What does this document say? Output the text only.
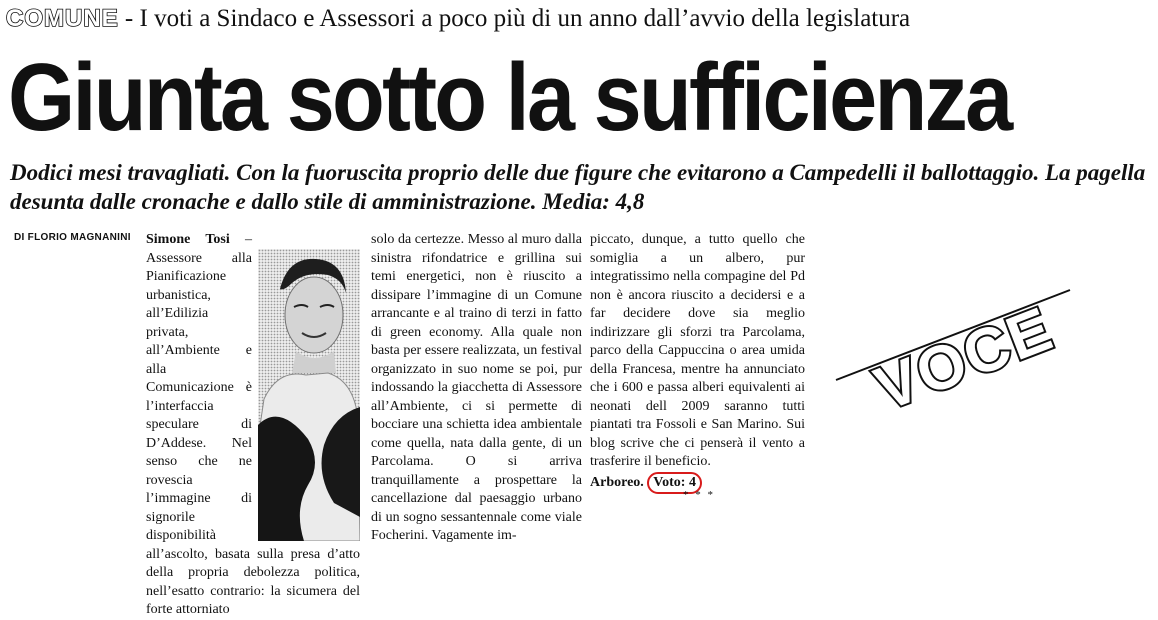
COMUNE - I voti a Sindaco e Assessori a poco più di un anno dall’avvio della legislatura
Giunta sotto la sufficienza
Dodici mesi travagliati. Con la fuoruscita proprio delle due figure che evitarono a Campedelli il ballottaggio. La pagella desunta dalle cronache e dallo stile di amministrazione. Media: 4,8
DI FLORIO MAGNANINI Simone Tosi – Assessore alla Pianificazione urbanistica, all’Edilizia privata, all’Ambiente e alla Comunicazione è l’interfaccia speculare di D’Addese. Nel senso che ne rovescia l’immagine di signorile disponibilità all’ascolto, basata sulla presa d’atto della propria debolezza politica, nell’esatto contrario: la sicumera del forte attorniato
solo da certezze. Messo al muro dalla sinistra rifondatrice e grillina sui temi energetici, non è riuscito a dissipare l’immagine di un Comune arrancante e al traino di terzi in fatto di green economy. Alla quale non basta per essere realizzata, un festival organizzato in suo nome se poi, pur indossando la giacchetta di Assessore all’Ambiente, ci si permette di bocciare una schietta idea ambientale come quella, nata dalla gente, di un Parcolama. O si arriva tranquillamente a prospettare la cancellazione dal paesaggio urbano di un sogno sessantennale come viale Focherini. Vagamente im-
piccato, dunque, a tutto quello che somiglia a un albero, pur integratissimo nella compagine del Pd non è ancora riuscito a decidersi e a far decidere dove sia meglio indirizzare gli sforzi tra Parcolama, parco della Cappuccina o area umida della Francesa, mentre ha annunciato che i 600 e passa alberi equivalenti ai neonati dell 2009 saranno tutti piantati tra Fossoli e San Marino. Sui blog scrive che ci penserà il vento a trasferire il beneficio.
Arboreo. Voto: 4
* * *
VOCE
